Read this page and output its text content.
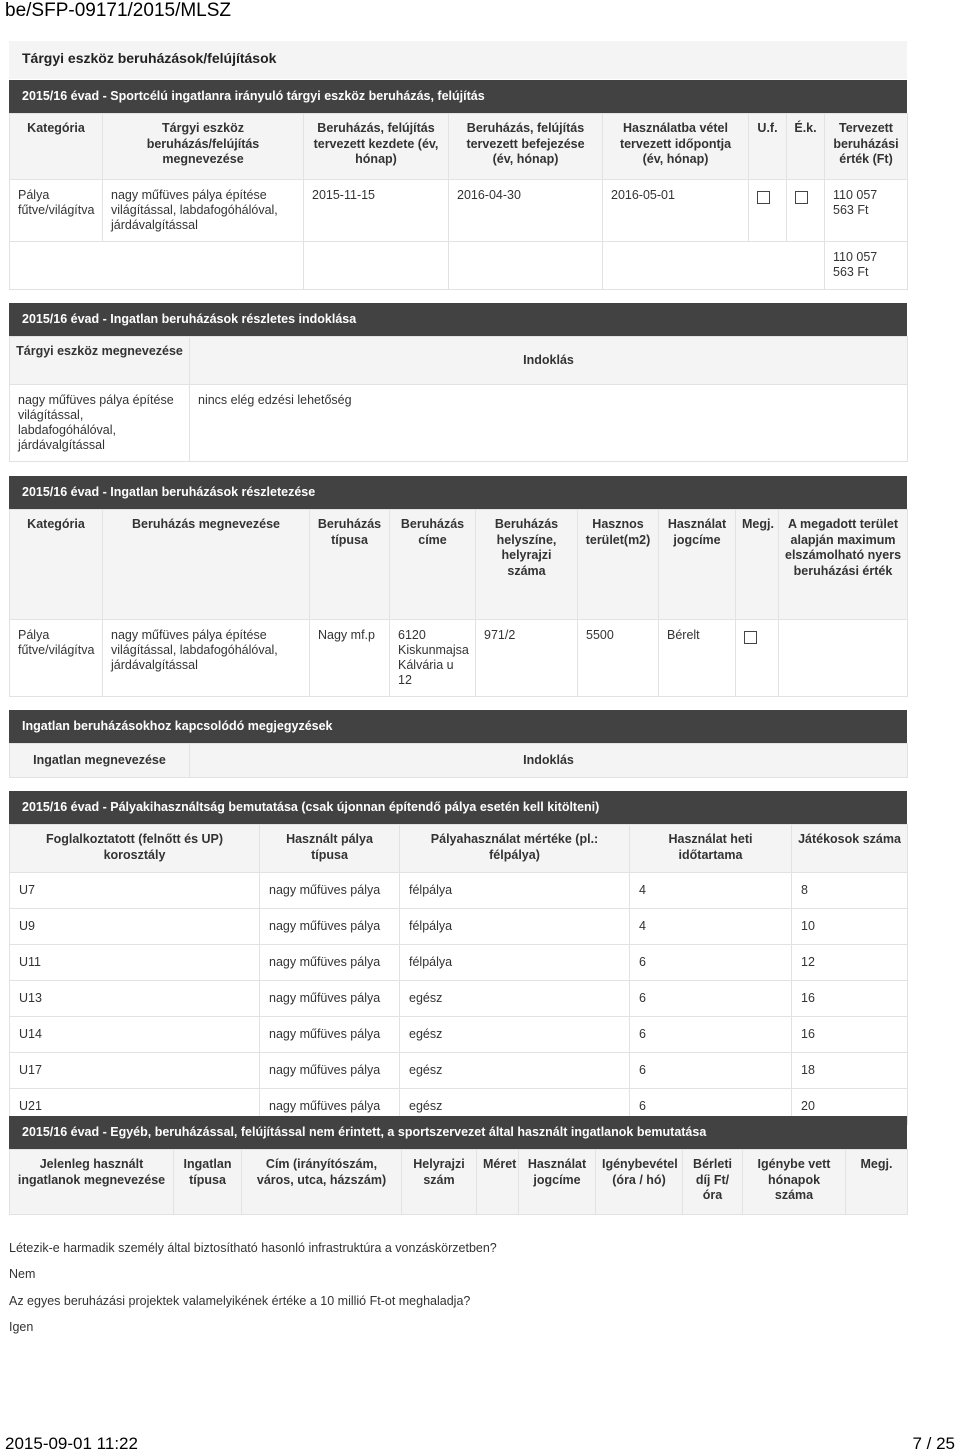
be/SFP-09171/2015/MLSZ
Tárgyi eszköz beruházások/felújítások
2015/16 évad - Sportcélú ingatlanra irányuló tárgyi eszköz beruházás, felújítás
Kategória	Tárgyi eszköz beruházás/felújítás megnevezése	Beruházás, felújítás tervezett kezdete (év, hónap)	Beruházás, felújítás tervezett befejezése (év, hónap)	Használatba vétel tervezett időpontja (év, hónap)	U.f.	É.k.	Tervezett beruházási érték (Ft)
Pálya fűtve/világítva	nagy műfüves pálya építése világítással, labdafogóhálóval, járdávalgítással	2015-11-15	2016-04-30	2016-05-01			110 057 563 Ft
							110 057 563 Ft
2015/16 évad - Ingatlan beruházások részletes indoklása
Tárgyi eszköz megnevezése	Indoklás
nagy műfüves pálya építése világítással, labdafogóhálóval, járdávalgítással	nincs elég edzési lehetőség
2015/16 évad - Ingatlan beruházások részletezése
Kategória	Beruházás megnevezése	Beruházás típusa	Beruházás címe	Beruházás helyszíne, helyrajzi száma	Hasznos terület(m2)	Használat jogcíme	Megj.	A megadott terület alapján maximum elszámolható nyers beruházási érték
Pálya fűtve/világítva	nagy műfüves pálya építése világítással, labdafogóhálóval, járdávalgítással	Nagy mf.p	6120 Kiskunmajsa Kálvária u 12	971/2	5500	Bérelt		
Ingatlan beruházásokhoz kapcsolódó megjegyzések
Ingatlan megnevezése	Indoklás
2015/16 évad - Pályakihasználtság bemutatása (csak újonnan építendő pálya esetén kell kitölteni)
Foglalkoztatott (felnőtt és UP) korosztály	Használt pálya típusa	Pályahasználat mértéke (pl.: félpálya)	Használat heti időtartama	Játékosok száma
U7	nagy műfüves pálya	félpálya	4	8
U9	nagy műfüves pálya	félpálya	4	10
U11	nagy műfüves pálya	félpálya	6	12
U13	nagy műfüves pálya	egész	6	16
U14	nagy műfüves pálya	egész	6	16
U17	nagy műfüves pálya	egész	6	18
U21	nagy műfüves pálya	egész	6	20
2015/16 évad - Egyéb, beruházással, felújítással nem érintett, a sportszervezet által használt ingatlanok bemutatása
Jelenleg használt ingatlanok megnevezése	Ingatlan típusa	Cím (irányítószám, város, utca, házszám)	Helyrajzi szám	Méret	Használat jogcíme	Igénybevétel (óra / hó)	Bérleti díj Ft/óra	Igénybe vett hónapok száma	Megj.
Létezik-e harmadik személy által biztosítható hasonló infrastruktúra a vonzáskörzetben?
Nem
Az egyes beruházási projektek valamelyikének értéke a 10 millió Ft-ot meghaladja?
Igen
2015-09-01 11:22	7 / 25
